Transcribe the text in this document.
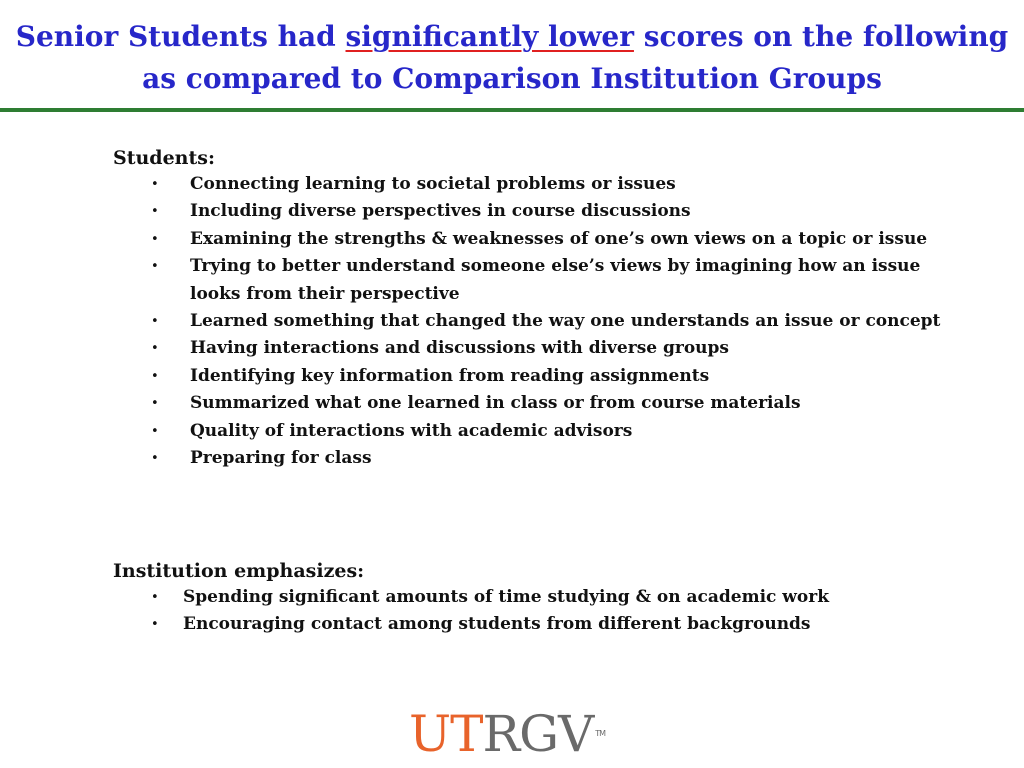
Senior Students had significantly lower scores on the following
as compared to Comparison Institution Groups
Students:
• Connecting learning to societal problems or issues
• Including diverse perspectives in course discussions
• Examining the strengths & weaknesses of one’s own views on a topic or issue
• Trying to better understand someone else’s views by imagining how an issue looks from their perspective
• Learned something that changed the way one understands an issue or concept
• Having interactions and discussions with diverse groups
• Identifying key information from reading assignments
• Summarized what one learned in class or from course materials
• Quality of interactions with academic advisors
• Preparing for class
Institution emphasizes:
• Spending significant amounts of time studying & on academic work
• Encouraging contact among students from different backgrounds
UTRGV TM
